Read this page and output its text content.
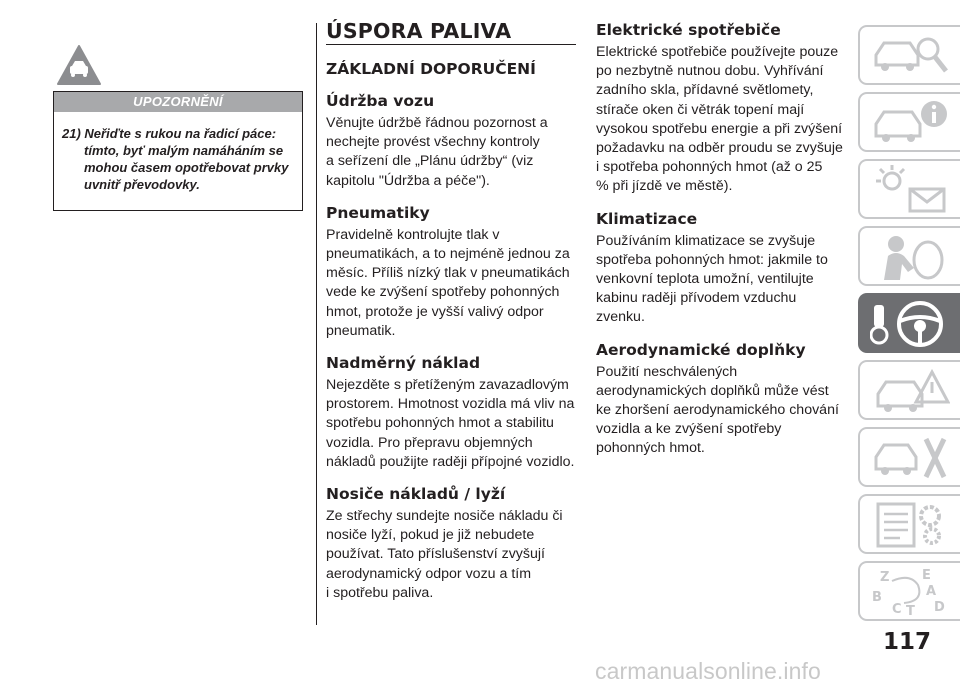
UPOZORNĚNÍ
21) Neřiďte s rukou na řadicí páce:
tímto, byť malým namáháním se
mohou časem opotřebovat prvky
uvnitř převodovky.
ÚSPORA PALIVA
ZÁKLADNÍ DOPORUČENÍ
Údržba vozu
Věnujte údržbě řádnou pozornost a
nechejte provést všechny kontroly
a seřízení dle „Plánu údržby“ (viz
kapitolu "Údržba a péče").
Pneumatiky
Pravidelně kontrolujte tlak v
pneumatikách, a to nejméně jednou za
měsíc. Příliš nízký tlak v pneumatikách
vede ke zvýšení spotřeby pohonných
hmot, protože je vyšší valivý odpor
pneumatik.
Nadměrný náklad
Nejezděte s přetíženým zavazadlovým
prostorem. Hmotnost vozidla má vliv na
spotřebu pohonných hmot a stabilitu
vozidla. Pro přepravu objemných
nákladů použijte raději přípojné vozidlo.
Nosiče nákladů / lyží
Ze střechy sundejte nosiče nákladu či
nosiče lyží, pokud je již nebudete
používat. Tato příslušenství zvyšují
aerodynamický odpor vozu a tím
i spotřebu paliva.
Elektrické spotřebiče
Elektrické spotřebiče používejte pouze
po nezbytně nutnou dobu. Vyhřívání
zadního skla, přídavné světlomety,
stírače oken či větrák topení mají
vysokou spotřebu energie a při zvýšení
požadavku na odběr proudu se zvyšuje
i spotřeba pohonných hmot (až o 25
% při jízdě ve městě).
Klimatizace
Používáním klimatizace se zvyšuje
spotřeba pohonných hmot: jakmile to
venkovní teplota umožní, ventilujte
kabinu raději přívodem vzduchu
zvenku.
Aerodynamické doplňky
Použití neschválených
aerodynamických doplňků může vést
ke zhoršení aerodynamického chování
vozidla a ke zvýšení spotřeby
pohonných hmot.
Z	E
A
B
C T D
117
carmanualsonline.info
